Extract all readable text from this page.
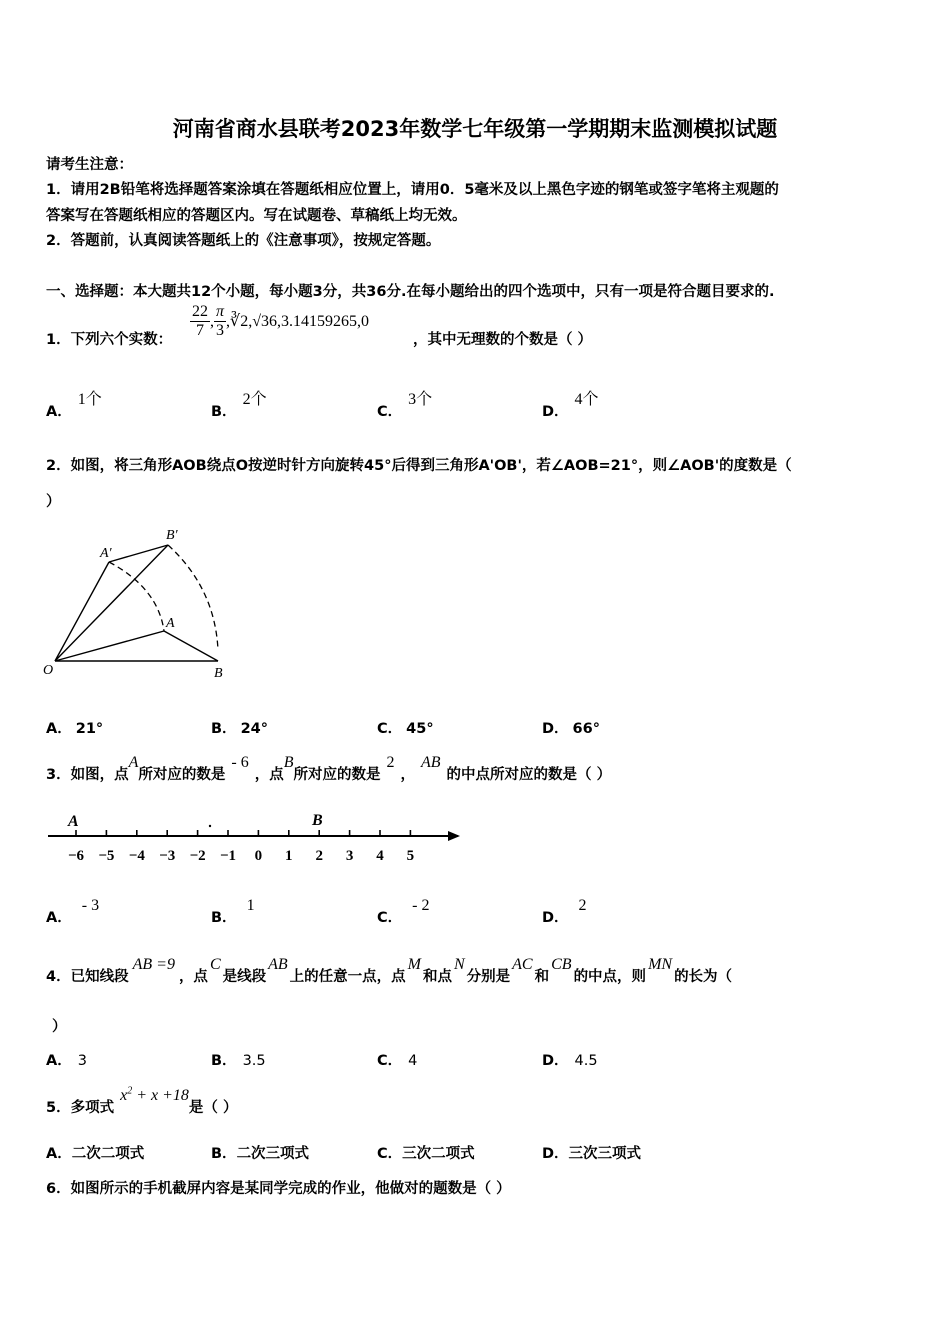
河南省商水县联考2023年数学七年级第一学期期末监测模拟试题
请考生注意：
1．请用2B铅笔将选择题答案涂填在答题纸相应位置上，请用0．5毫米及以上黑色字迹的钢笔或签字笔将主观题的
答案写在答题纸相应的答题区内。写在试题卷、草稿纸上均无效。
2．答题前，认真阅读答题纸上的《注意事项》，按规定答题。
一、选择题：本大题共12个小题，每小题3分，共36分.在每小题给出的四个选项中，只有一项是符合题目要求的.
1．下列六个实数： $\frac{22}{7}$ , $\frac{\pi}{3}$ ,∛2,√36,3.14159265,0
，其中无理数的个数是（ ）
A．1个
B．2个
C．3个
D．4个
2．如图，将三角形AOB绕点O按逆时针方向旋转45°后得到三角形A'OB'，若∠AOB=21°，则∠AOB'的度数是（
）
O	B
A
A′
B′
A． 21°	B． 24°	C． 45°	D． 66°
3．如图，点A所对应的数是- 6，点B所对应的数是2，AB的中点所对应的数是（ ）
−6 −5 −4 −3 −2 −1 0 1 2 3 4 5
A	B
A．- 3
B．1
C．- 2
D．2
4．已知线段AB =9，点C是线段AB上的任意一点，点M和点N分别是AC和CB的中点，则MN的长为（
）
A． 3	B． 3.5	C． 4	D． 4.5
5．多项式$x^2 + x +18$是（ ）
A．二次二项式	B．二次三项式	C．三次二项式	D．三次三项式
6．如图所示的手机截屏内容是某同学完成的作业，他做对的题数是（ ）
